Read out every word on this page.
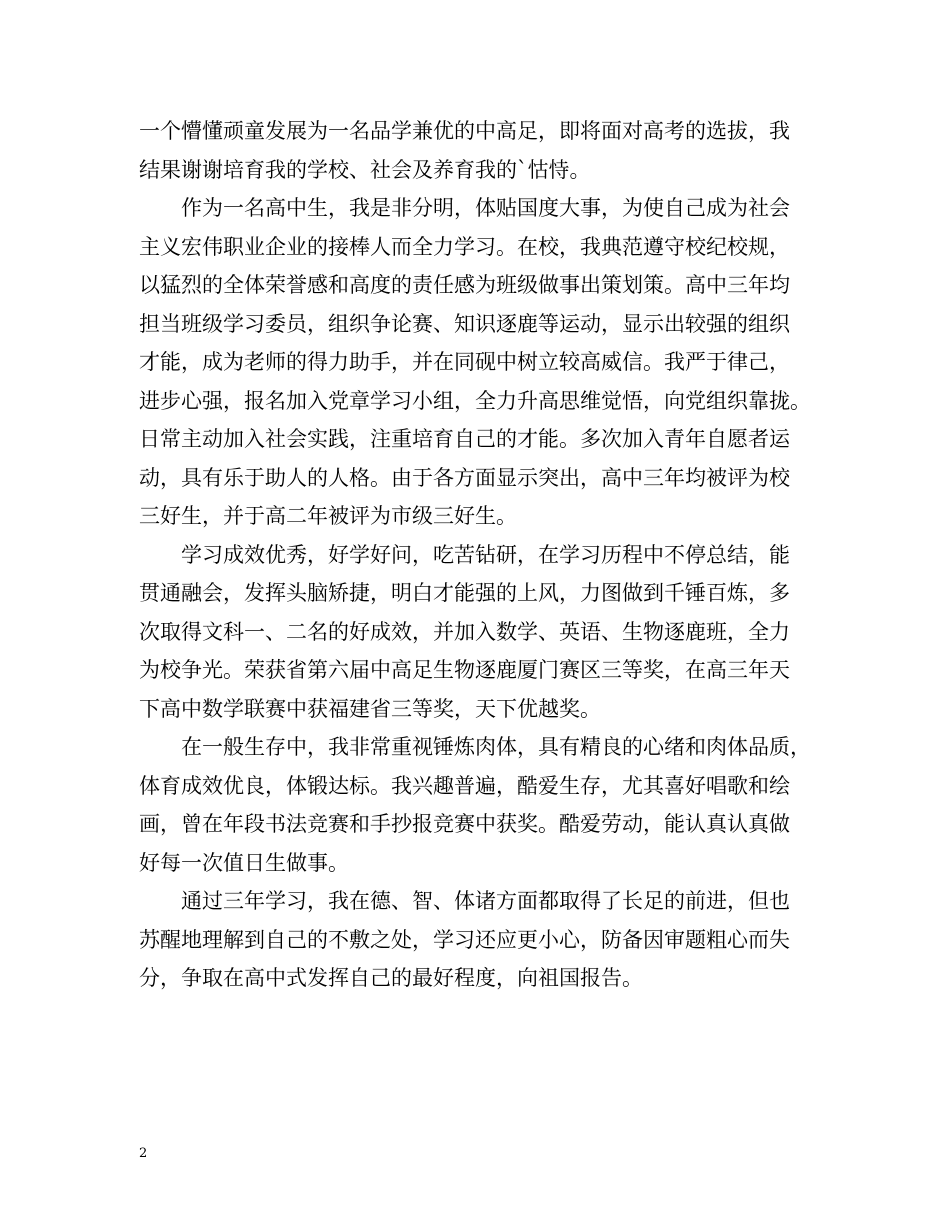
一个懵懂顽童发展为一名品学兼优的中高足，即将面对高考的选拔，我
结果谢谢培育我的学校、社会及养育我的`怙恃。
作为一名高中生，我是非分明，体贴国度大事，为使自己成为社会
主义宏伟职业企业的接棒人而全力学习。在校，我典范遵守校纪校规，
以猛烈的全体荣誉感和高度的责任感为班级做事出策划策。高中三年均
担当班级学习委员，组织争论赛、知识逐鹿等运动，显示出较强的组织
才能，成为老师的得力助手，并在同砚中树立较高威信。我严于律己，
进步心强，报名加入党章学习小组，全力升高思维觉悟，向党组织靠拢。
日常主动加入社会实践，注重培育自己的才能。多次加入青年自愿者运
动，具有乐于助人的人格。由于各方面显示突出，高中三年均被评为校
三好生，并于高二年被评为市级三好生。
学习成效优秀，好学好问，吃苦钻研，在学习历程中不停总结，能
贯通融会，发挥头脑矫捷，明白才能强的上风，力图做到千锤百炼，多
次取得文科一、二名的好成效，并加入数学、英语、生物逐鹿班，全力
为校争光。荣获省第六届中高足生物逐鹿厦门赛区三等奖，在高三年天
下高中数学联赛中获福建省三等奖，天下优越奖。
在一般生存中，我非常重视锤炼肉体，具有精良的心绪和肉体品质，
体育成效优良，体锻达标。我兴趣普遍，酷爱生存，尤其喜好唱歌和绘
画，曾在年段书法竞赛和手抄报竞赛中获奖。酷爱劳动，能认真认真做
好每一次值日生做事。
通过三年学习，我在德、智、体诸方面都取得了长足的前进，但也
苏醒地理解到自己的不敷之处，学习还应更小心，防备因审题粗心而失
分，争取在高中式发挥自己的最好程度，向祖国报告。
2
